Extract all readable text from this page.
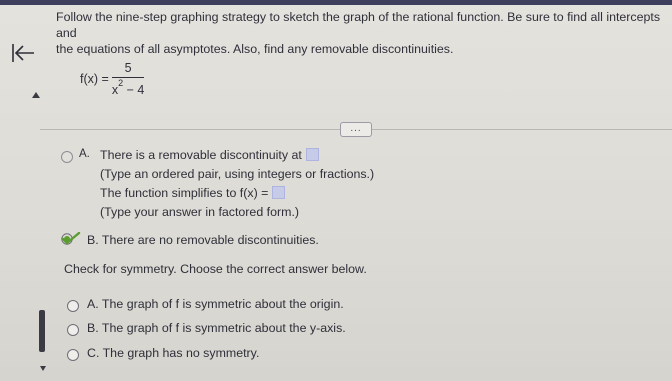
Follow the nine-step graphing strategy to sketch the graph of the rational function. Be sure to find all intercepts and
the equations of all asymptotes. Also, find any removable discontinuities.
$f(x) = \frac{5}{x^2 - 4}$
...
A. There is a removable discontinuity at
(Type an ordered pair, using integers or fractions.)
The function simplifies to f(x) =
(Type your answer in factored form.)
B. There are no removable discontinuities.
Check for symmetry. Choose the correct answer below.
A. The graph of f is symmetric about the origin.
B. The graph of f is symmetric about the y-axis.
C. The graph has no symmetry.
